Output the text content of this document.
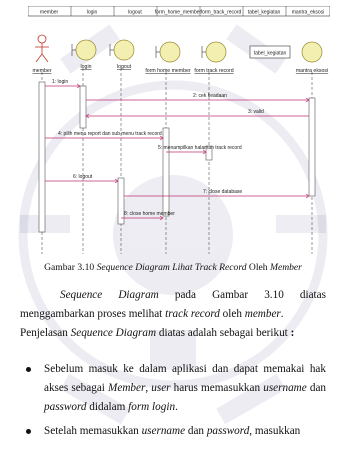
member	login	logout	form_home_member form_track_record tabel_kegiatan mantra_eksosi
member
login	logout
form home member form track record
tabel_kegiatan
mantra eksosi
1: login
2: cek keadaan
3: valid
4: pilih menu report dan sub menu track record
5: menampilkan halaman track record
6: logout
7: close database
8: close home member
Gambar 3.10 Sequence Diagram Lihat Track Record Oleh Member
Sequence Diagram pada Gambar 3.10 diatas
menggambarkan proses melihat track record oleh member.
Penjelasan Sequence Diagram diatas adalah sebagai berikut :
Sebelum masuk ke dalam aplikasi dan dapat memakai hak akses sebagai Member, user harus memasukkan username dan password didalam form login.
Setelah memasukkan username dan password, masukkan
